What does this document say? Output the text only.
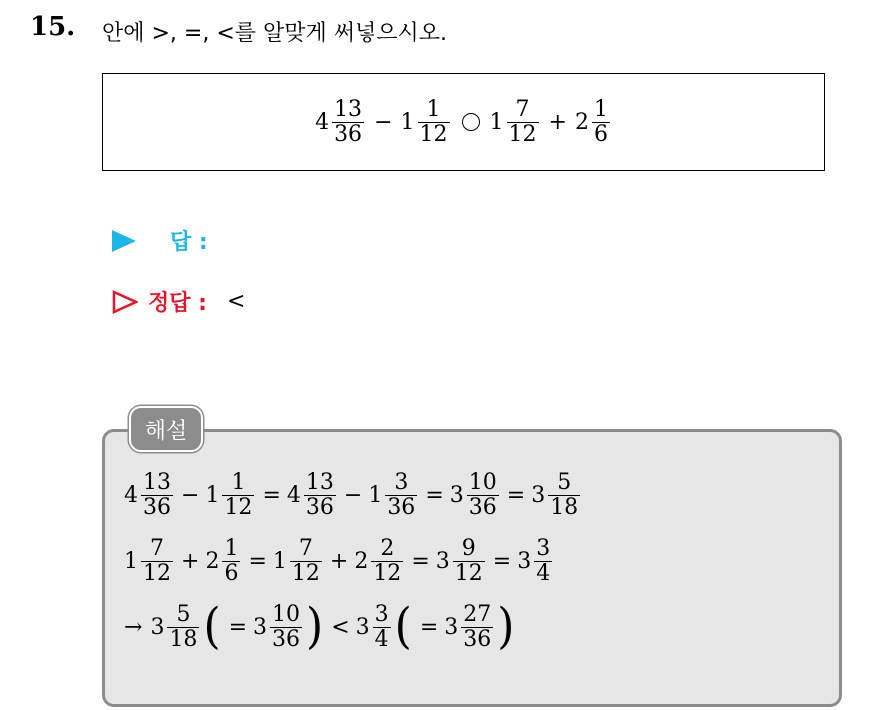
15. 안에 >, =, <를 알맞게 써넣으시오.
$4 \frac{13}{36} - 1 \frac{1}{12} 1 \frac{7}{12} + 2 \frac{1}{6}$
답 :
정답 : <
해설
$4 \frac{13}{36} - 1 \frac{1}{12} = 4 \frac{13}{36} - 1 \frac{3}{36} = 3 \frac{10}{36} = 3 \frac{5}{18}$
$1 \frac{7}{12} + 2 \frac{1}{6} = 1 \frac{7}{12} + 2 \frac{2}{12} = 3 \frac{9}{12} = 3 \frac{3}{4}$
→ $3 \frac{5}{18}$ ( = $3 \frac{10}{36}$ ) < $3 \frac{3}{4}$ ( = $3 \frac{27}{36}$ )
